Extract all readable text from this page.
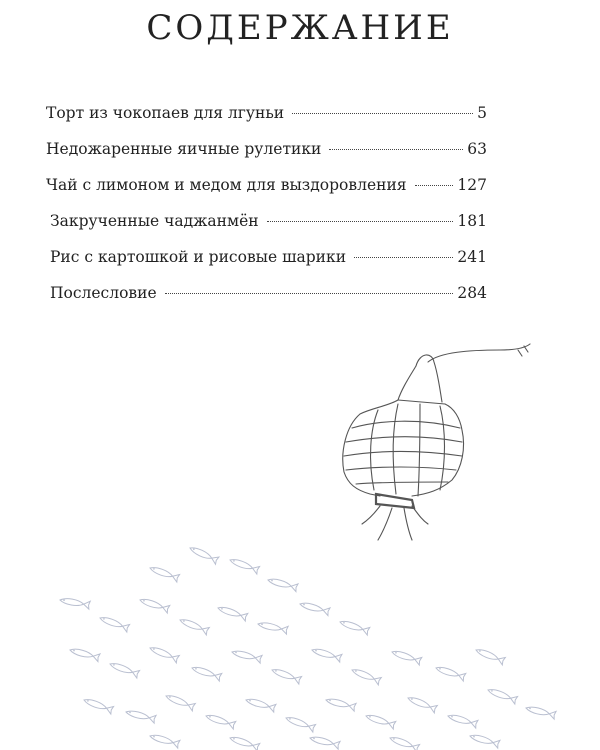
СОДЕРЖАНИЕ
Торт из чокопаев для лгуньи	5
Недожаренные яичные рулетики	63
Чай с лимоном и медом для выздоровления	127
Закрученные чаджанмён	181
Рис с картошкой и рисовые шарики	241
Послесловие	284
